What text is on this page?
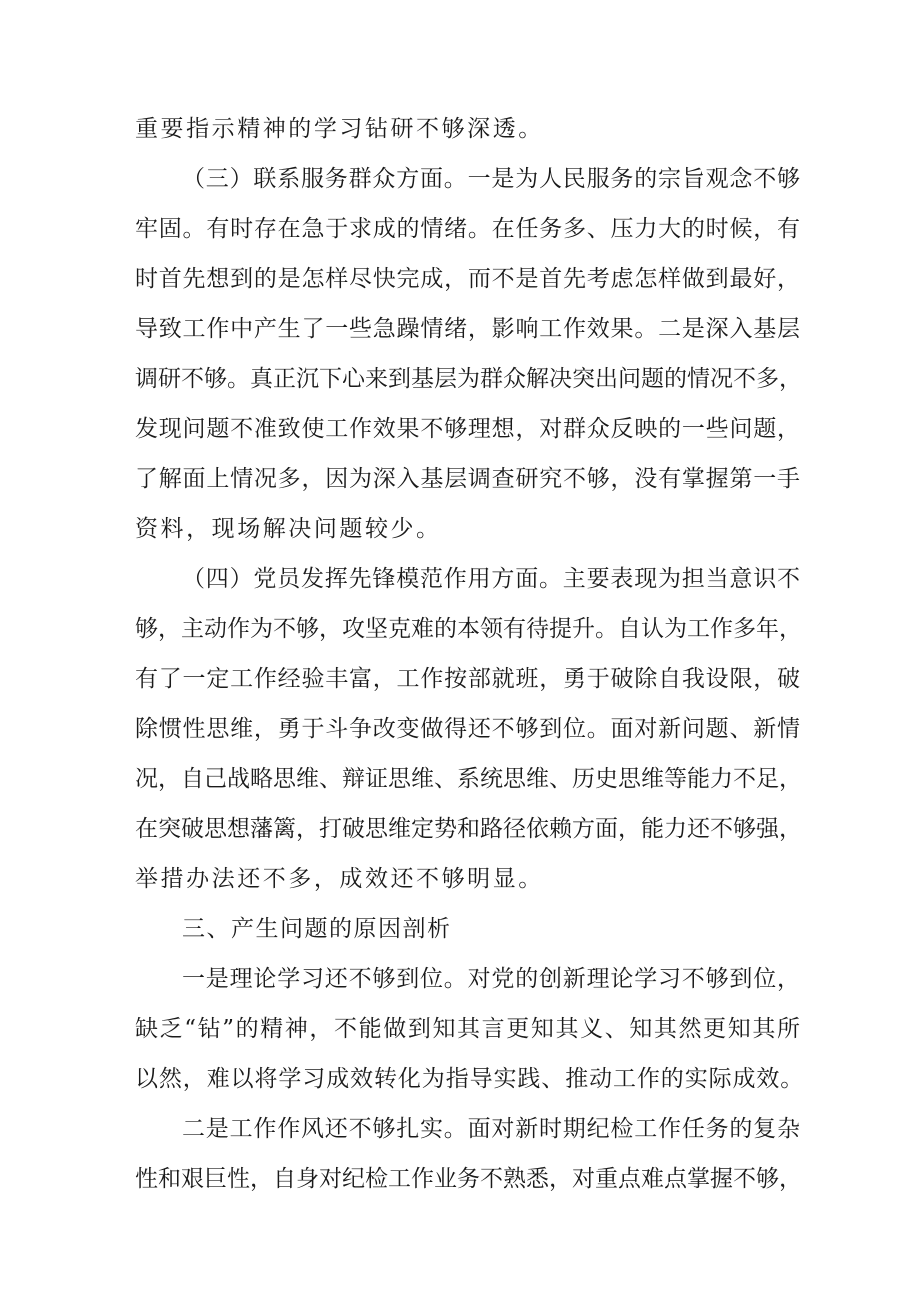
重要指示精神的学习钻研不够深透。

（三）联系服务群众方面。一是为人民服务的宗旨观念不够

牢固。有时存在急于求成的情绪。在任务多、压力大的时候，有

时首先想到的是怎样尽快完成，而不是首先考虑怎样做到最好，

导致工作中产生了一些急躁情绪，影响工作效果。二是深入基层

调研不够。真正沉下心来到基层为群众解决突出问题的情况不多，

发现问题不准致使工作效果不够理想，对群众反映的一些问题，

了解面上情况多，因为深入基层调查研究不够，没有掌握第一手

资料，现场解决问题较少。

（四）党员发挥先锋模范作用方面。主要表现为担当意识不

够，主动作为不够，攻坚克难的本领有待提升。自认为工作多年，

有了一定工作经验丰富，工作按部就班，勇于破除自我设限，破

除惯性思维，勇于斗争改变做得还不够到位。面对新问题、新情

况，自己战略思维、辩证思维、系统思维、历史思维等能力不足，

在突破思想藩篱，打破思维定势和路径依赖方面，能力还不够强，

举措办法还不多，成效还不够明显。

三、产生问题的原因剖析

一是理论学习还不够到位。对党的创新理论学习不够到位，

缺乏“钻”的精神，不能做到知其言更知其义、知其然更知其所

以然，难以将学习成效转化为指导实践、推动工作的实际成效。

二是工作作风还不够扎实。面对新时期纪检工作任务的复杂

性和艰巨性，自身对纪检工作业务不熟悉，对重点难点掌握不够，
